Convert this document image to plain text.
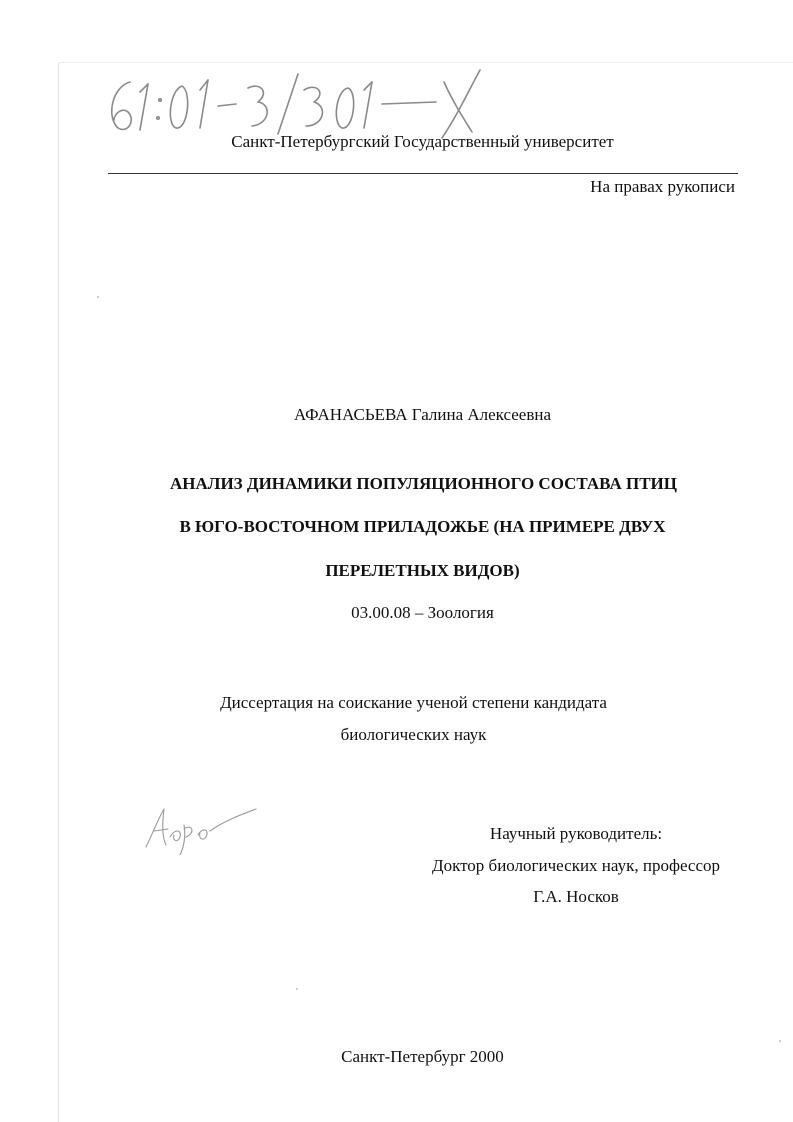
Санкт-Петербургский Государственный университет
На правах рукописи
АФАНАСЬЕВА Галина Алексеевна
АНАЛИЗ ДИНАМИКИ ПОПУЛЯЦИОННОГО СОСТАВА ПТИЦ
В ЮГО-ВОСТОЧНОМ ПРИЛАДОЖЬЕ (НА ПРИМЕРЕ ДВУХ
ПЕРЕЛЕТНЫХ ВИДОВ)
03.00.08 – Зоология
Диссертация на соискание ученой степени кандидата
биологических наук
Научный руководитель:
Доктор биологических наук, профессор
Г.А. Носков
Санкт-Петербург 2000
